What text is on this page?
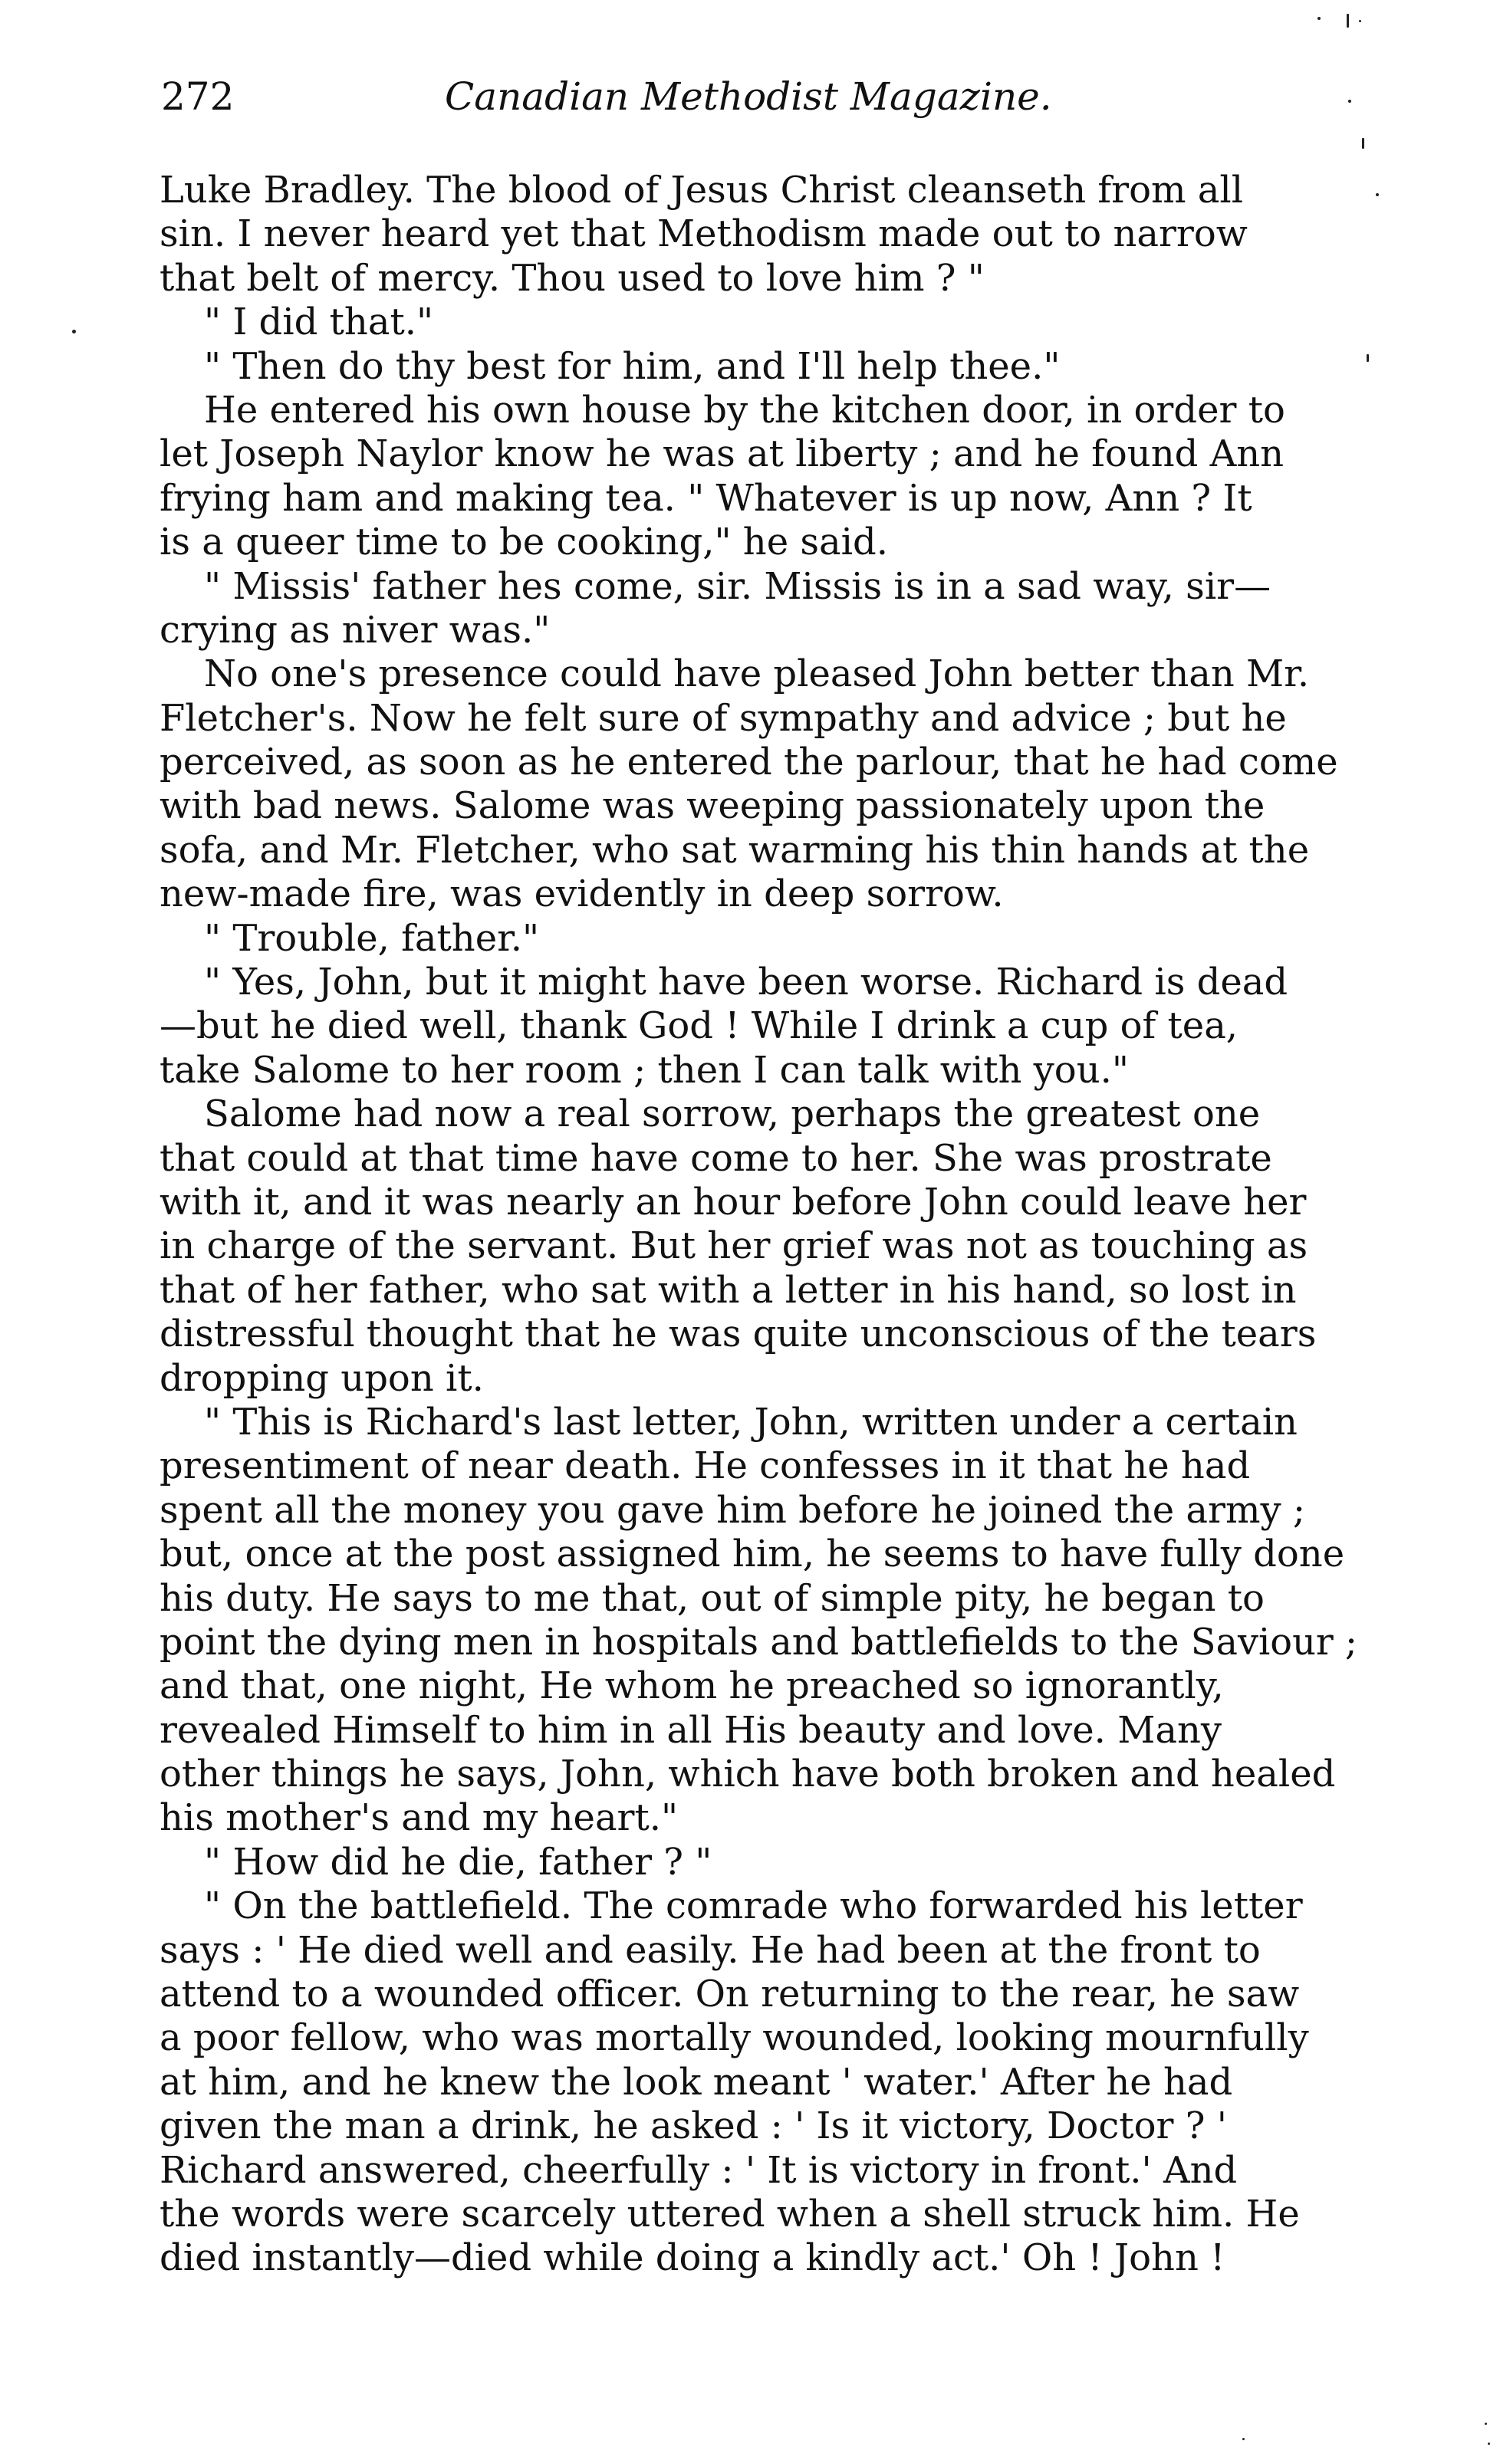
272	Canadian Methodist Magazine.
Luke Bradley. The blood of Jesus Christ cleanseth from all
sin. I never heard yet that Methodism made out to narrow
that belt of mercy. Thou used to love him ? "
" I did that."
" Then do thy best for him, and I'll help thee."
He entered his own house by the kitchen door, in order to
let Joseph Naylor know he was at liberty ; and he found Ann
frying ham and making tea. " Whatever is up now, Ann ? It
is a queer time to be cooking," he said.
" Missis' father hes come, sir. Missis is in a sad way, sir—
crying as niver was."
No one's presence could have pleased John better than Mr.
Fletcher's. Now he felt sure of sympathy and advice ; but he
perceived, as soon as he entered the parlour, that he had come
with bad news. Salome was weeping passionately upon the
sofa, and Mr. Fletcher, who sat warming his thin hands at the
new-made fire, was evidently in deep sorrow.
" Trouble, father."
" Yes, John, but it might have been worse. Richard is dead
—but he died well, thank God ! While I drink a cup of tea,
take Salome to her room ; then I can talk with you."
Salome had now a real sorrow, perhaps the greatest one
that could at that time have come to her. She was prostrate
with it, and it was nearly an hour before John could leave her
in charge of the servant. But her grief was not as touching as
that of her father, who sat with a letter in his hand, so lost in
distressful thought that he was quite unconscious of the tears
dropping upon it.
" This is Richard's last letter, John, written under a certain
presentiment of near death. He confesses in it that he had
spent all the money you gave him before he joined the army ;
but, once at the post assigned him, he seems to have fully done
his duty. He says to me that, out of simple pity, he began to
point the dying men in hospitals and battlefields to the Saviour ;
and that, one night, He whom he preached so ignorantly,
revealed Himself to him in all His beauty and love. Many
other things he says, John, which have both broken and healed
his mother's and my heart."
" How did he die, father ? "
" On the battlefield. The comrade who forwarded his letter
says : ' He died well and easily. He had been at the front to
attend to a wounded officer. On returning to the rear, he saw
a poor fellow, who was mortally wounded, looking mournfully
at him, and he knew the look meant ' water.' After he had
given the man a drink, he asked : ' Is it victory, Doctor ? '
Richard answered, cheerfully : ' It is victory in front.' And
the words were scarcely uttered when a shell struck him. He
died instantly—died while doing a kindly act.' Oh ! John !
